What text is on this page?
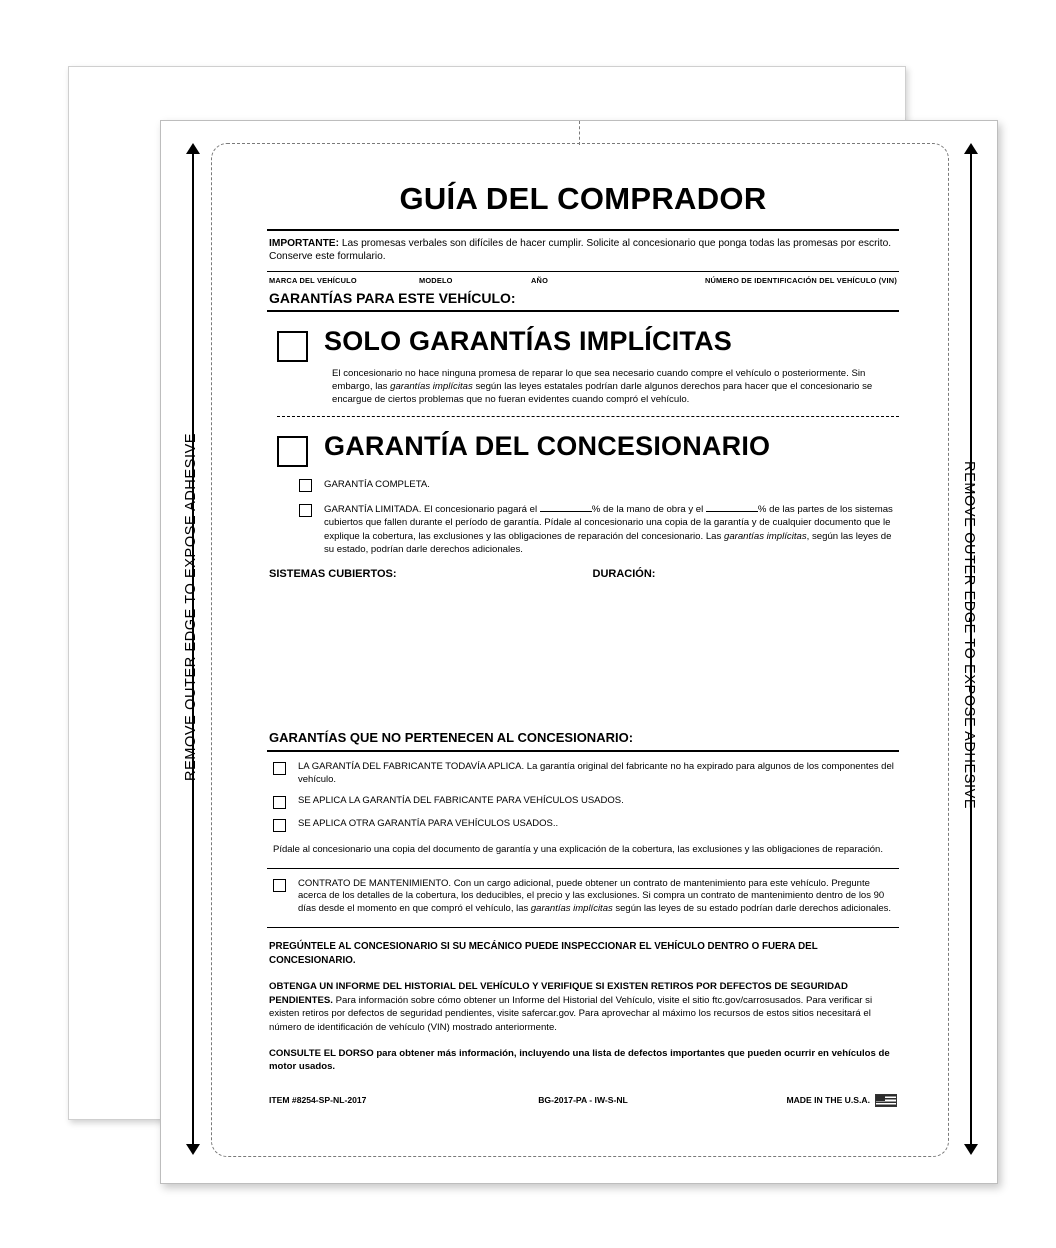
REMOVE OUTER EDGE TO EXPOSE ADHESIVE	REMOVE OUTER EDGE TO EXPOSE ADHESIVE
GUÍA DEL COMPRADOR
IMPORTANTE: Las promesas verbales son difíciles de hacer cumplir. Solicite al concesionario que ponga todas las promesas por escrito. Conserve este formulario.
MARCA DEL VEHÍCULO	MODELO	AÑO	NÚMERO DE IDENTIFICACIÓN DEL VEHÍCULO (VIN)
GARANTÍAS PARA ESTE VEHÍCULO:
SOLO GARANTÍAS IMPLÍCITAS
El concesionario no hace ninguna promesa de reparar lo que sea necesario cuando compre el vehículo o posteriormente. Sin embargo, las garantías implícitas según las leyes estatales podrían darle algunos derechos para hacer que el concesionario se encargue de ciertos problemas que no fueran evidentes cuando compró el vehículo.
GARANTÍA DEL CONCESIONARIO
GARANTÍA COMPLETA.
GARANTÍA LIMITADA. El concesionario pagará el	% de la mano de obra y el	% de las partes de los sistemas cubiertos que fallen durante el período de garantía. Pídale al concesionario una copia de la garantía y de cualquier documento que le explique la cobertura, las exclusiones y las obligaciones de reparación del concesionario. Las garantías implícitas, según las leyes de su estado, podrían darle derechos adicionales.
SISTEMAS CUBIERTOS:	DURACIÓN:
GARANTÍAS QUE NO PERTENECEN AL CONCESIONARIO:
LA GARANTÍA DEL FABRICANTE TODAVÍA APLICA. La garantía original del fabricante no ha expirado para algunos de los componentes del vehículo.
SE APLICA LA GARANTÍA DEL FABRICANTE PARA VEHÍCULOS USADOS.
SE APLICA OTRA GARANTÍA PARA VEHÍCULOS USADOS..
Pídale al concesionario una copia del documento de garantía y una explicación de la cobertura, las exclusiones y las obligaciones de reparación.
CONTRATO DE MANTENIMIENTO. Con un cargo adicional, puede obtener un contrato de mantenimiento para este vehículo. Pregunte acerca de los detalles de la cobertura, los deducibles, el precio y las exclusiones. Si compra un contrato de mantenimiento dentro de los 90 días desde el momento en que compró el vehículo, las garantías implícitas según las leyes de su estado podrían darle derechos adicionales.
PREGÚNTELE AL CONCESIONARIO SI SU MECÁNICO PUEDE INSPECCIONAR EL VEHÍCULO DENTRO O FUERA DEL CONCESIONARIO.
OBTENGA UN INFORME DEL HISTORIAL DEL VEHÍCULO Y VERIFIQUE SI EXISTEN RETIROS POR DEFECTOS DE SEGURIDAD PENDIENTES. Para información sobre cómo obtener un Informe del Historial del Vehículo, visite el sitio ftc.gov/carrosusados. Para verificar si existen retiros por defectos de seguridad pendientes, visite safercar.gov. Para aprovechar al máximo los recursos de estos sitios necesitará el número de identificación de vehículo (VIN) mostrado anteriormente.
CONSULTE EL DORSO para obtener más información, incluyendo una lista de defectos importantes que pueden ocurrir en vehículos de motor usados.
ITEM #8254-SP-NL-2017	BG-2017-PA - IW-S-NL	MADE IN THE U.S.A.
